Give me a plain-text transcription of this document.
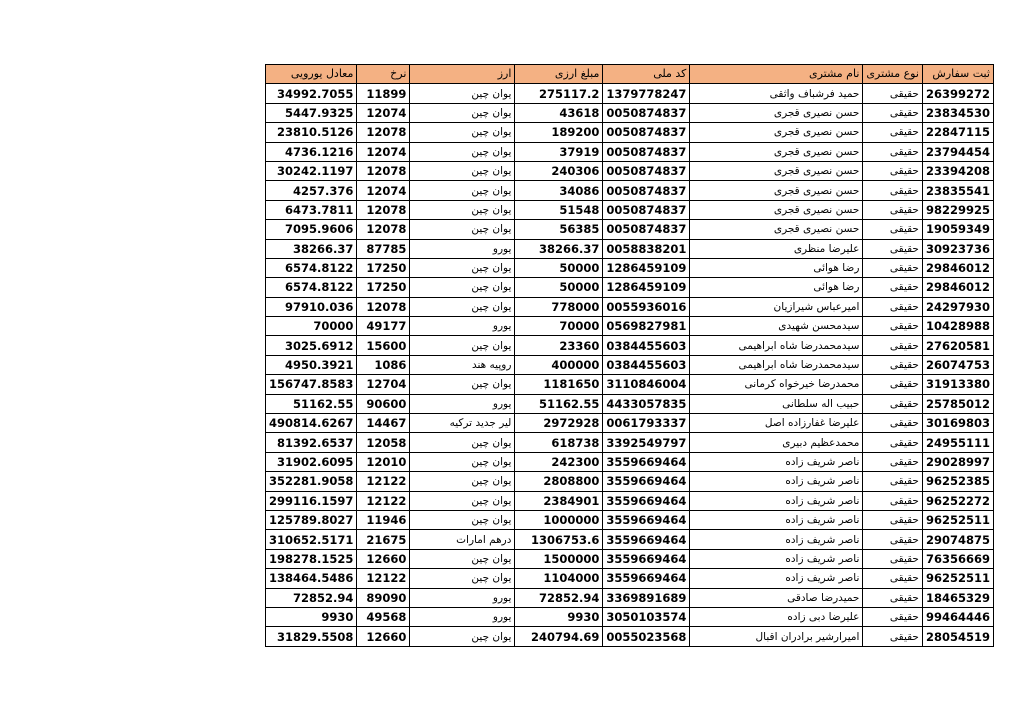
معادل یورویی	نرخ	ارز	مبلغ ارزی	کد ملی	نام مشتری	نوع مشتری	ثبت سفارش
34992.7055	11899	یوان چین	275117.2	1379778247	حمید فرشباف واثقی	حقیقی	26399272
5447.9325	12074	یوان چین	43618	0050874837	حسن نصیری قجری	حقیقی	23834530
23810.5126	12078	یوان چین	189200	0050874837	حسن نصیری قجری	حقیقی	22847115
4736.1216	12074	یوان چین	37919	0050874837	حسن نصیری قجری	حقیقی	23794454
30242.1197	12078	یوان چین	240306	0050874837	حسن نصیری قجری	حقیقی	23394208
4257.376	12074	یوان چین	34086	0050874837	حسن نصیری قجری	حقیقی	23835541
6473.7811	12078	یوان چین	51548	0050874837	حسن نصیری قجری	حقیقی	98229925
7095.9606	12078	یوان چین	56385	0050874837	حسن نصیری قجری	حقیقی	19059349
38266.37	87785	یورو	38266.37	0058838201	علیرضا منظری	حقیقی	30923736
6574.8122	17250	یوان چین	50000	1286459109	رضا هوائی	حقیقی	29846012
6574.8122	17250	یوان چین	50000	1286459109	رضا هوائی	حقیقی	29846012
97910.036	12078	یوان چین	778000	0055936016	امیرعباس شیرازیان	حقیقی	24297930
70000	49177	یورو	70000	0569827981	سیدمحسن شهیدی	حقیقی	10428988
3025.6912	15600	یوان چین	23360	0384455603	سیدمحمدرضا شاه ابراهیمی	حقیقی	27620581
4950.3921	1086	روپیه هند	400000	0384455603	سیدمحمدرضا شاه ابراهیمی	حقیقی	26074753
156747.8583	12704	یوان چین	1181650	3110846004	محمدرضا خیرخواه کرمانی	حقیقی	31913380
51162.55	90600	یورو	51162.55	4433057835	حبیب اله سلطانی	حقیقی	25785012
490814.6267	14467	لیر جدید ترکیه	2972928	0061793337	علیرضا غفارزاده اصل	حقیقی	30169803
81392.6537	12058	یوان چین	618738	3392549797	محمدعظیم دبیری	حقیقی	24955111
31902.6095	12010	یوان چین	242300	3559669464	ناصر شریف زاده	حقیقی	29028997
352281.9058	12122	یوان چین	2808800	3559669464	ناصر شریف زاده	حقیقی	96252385
299116.1597	12122	یوان چین	2384901	3559669464	ناصر شریف زاده	حقیقی	96252272
125789.8027	11946	یوان چین	1000000	3559669464	ناصر شریف زاده	حقیقی	96252511
310652.5171	21675	درهم امارات	1306753.6	3559669464	ناصر شریف زاده	حقیقی	29074875
198278.1525	12660	یوان چین	1500000	3559669464	ناصر شریف زاده	حقیقی	76356669
138464.5486	12122	یوان چین	1104000	3559669464	ناصر شریف زاده	حقیقی	96252511
72852.94	89090	یورو	72852.94	3369891689	حمیدرضا صادقی	حقیقی	18465329
9930	49568	یورو	9930	3050103574	علیرضا دبی زاده	حقیقی	99464446
31829.5508	12660	یوان چین	240794.69	0055023568	امیرارشیر برادران اقبال	حقیقی	28054519
